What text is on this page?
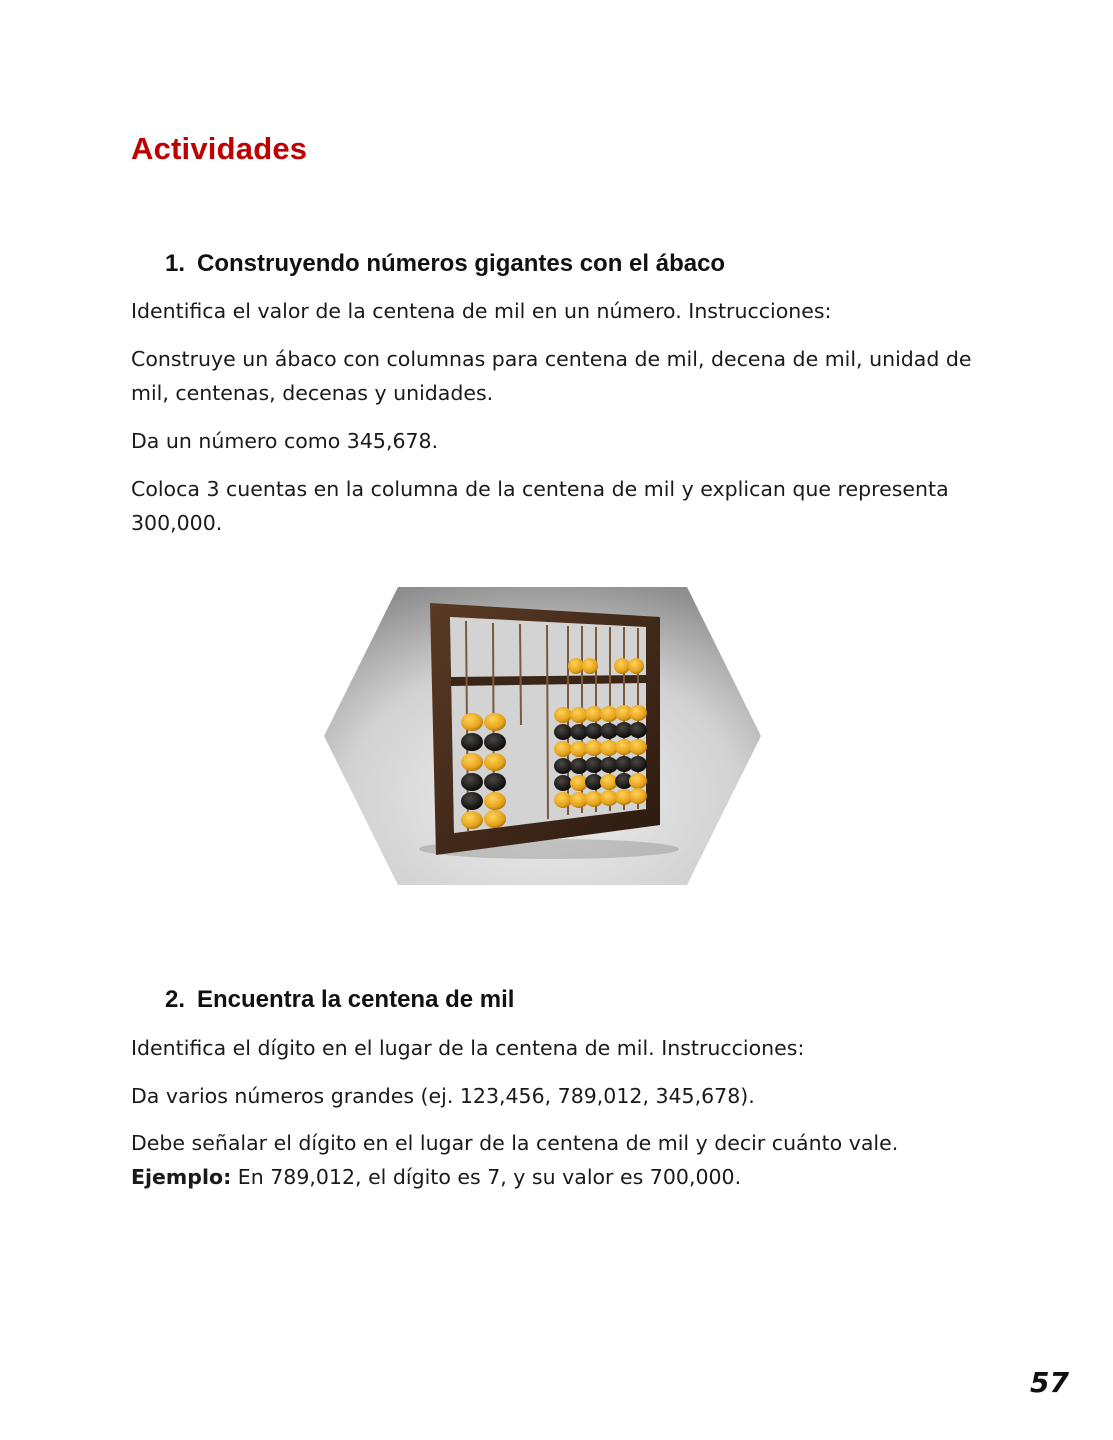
Actividades
1. Construyendo números gigantes con el ábaco

Identifica el valor de la centena de mil en un número. Instrucciones:

Construye un ábaco con columnas para centena de mil, decena de mil, unidad de mil, centenas, decenas y unidades.

Da un número como 345,678.

Coloca 3 cuentas en la columna de la centena de mil y explican que representa 300,000.

2. Encuentra la centena de mil

Identifica el dígito en el lugar de la centena de mil. Instrucciones:

Da varios números grandes (ej. 123,456, 789,012, 345,678).

Debe señalar el dígito en el lugar de la centena de mil y decir cuánto vale.
Ejemplo: En 789,012, el dígito es 7, y su valor es 700,000.

57
